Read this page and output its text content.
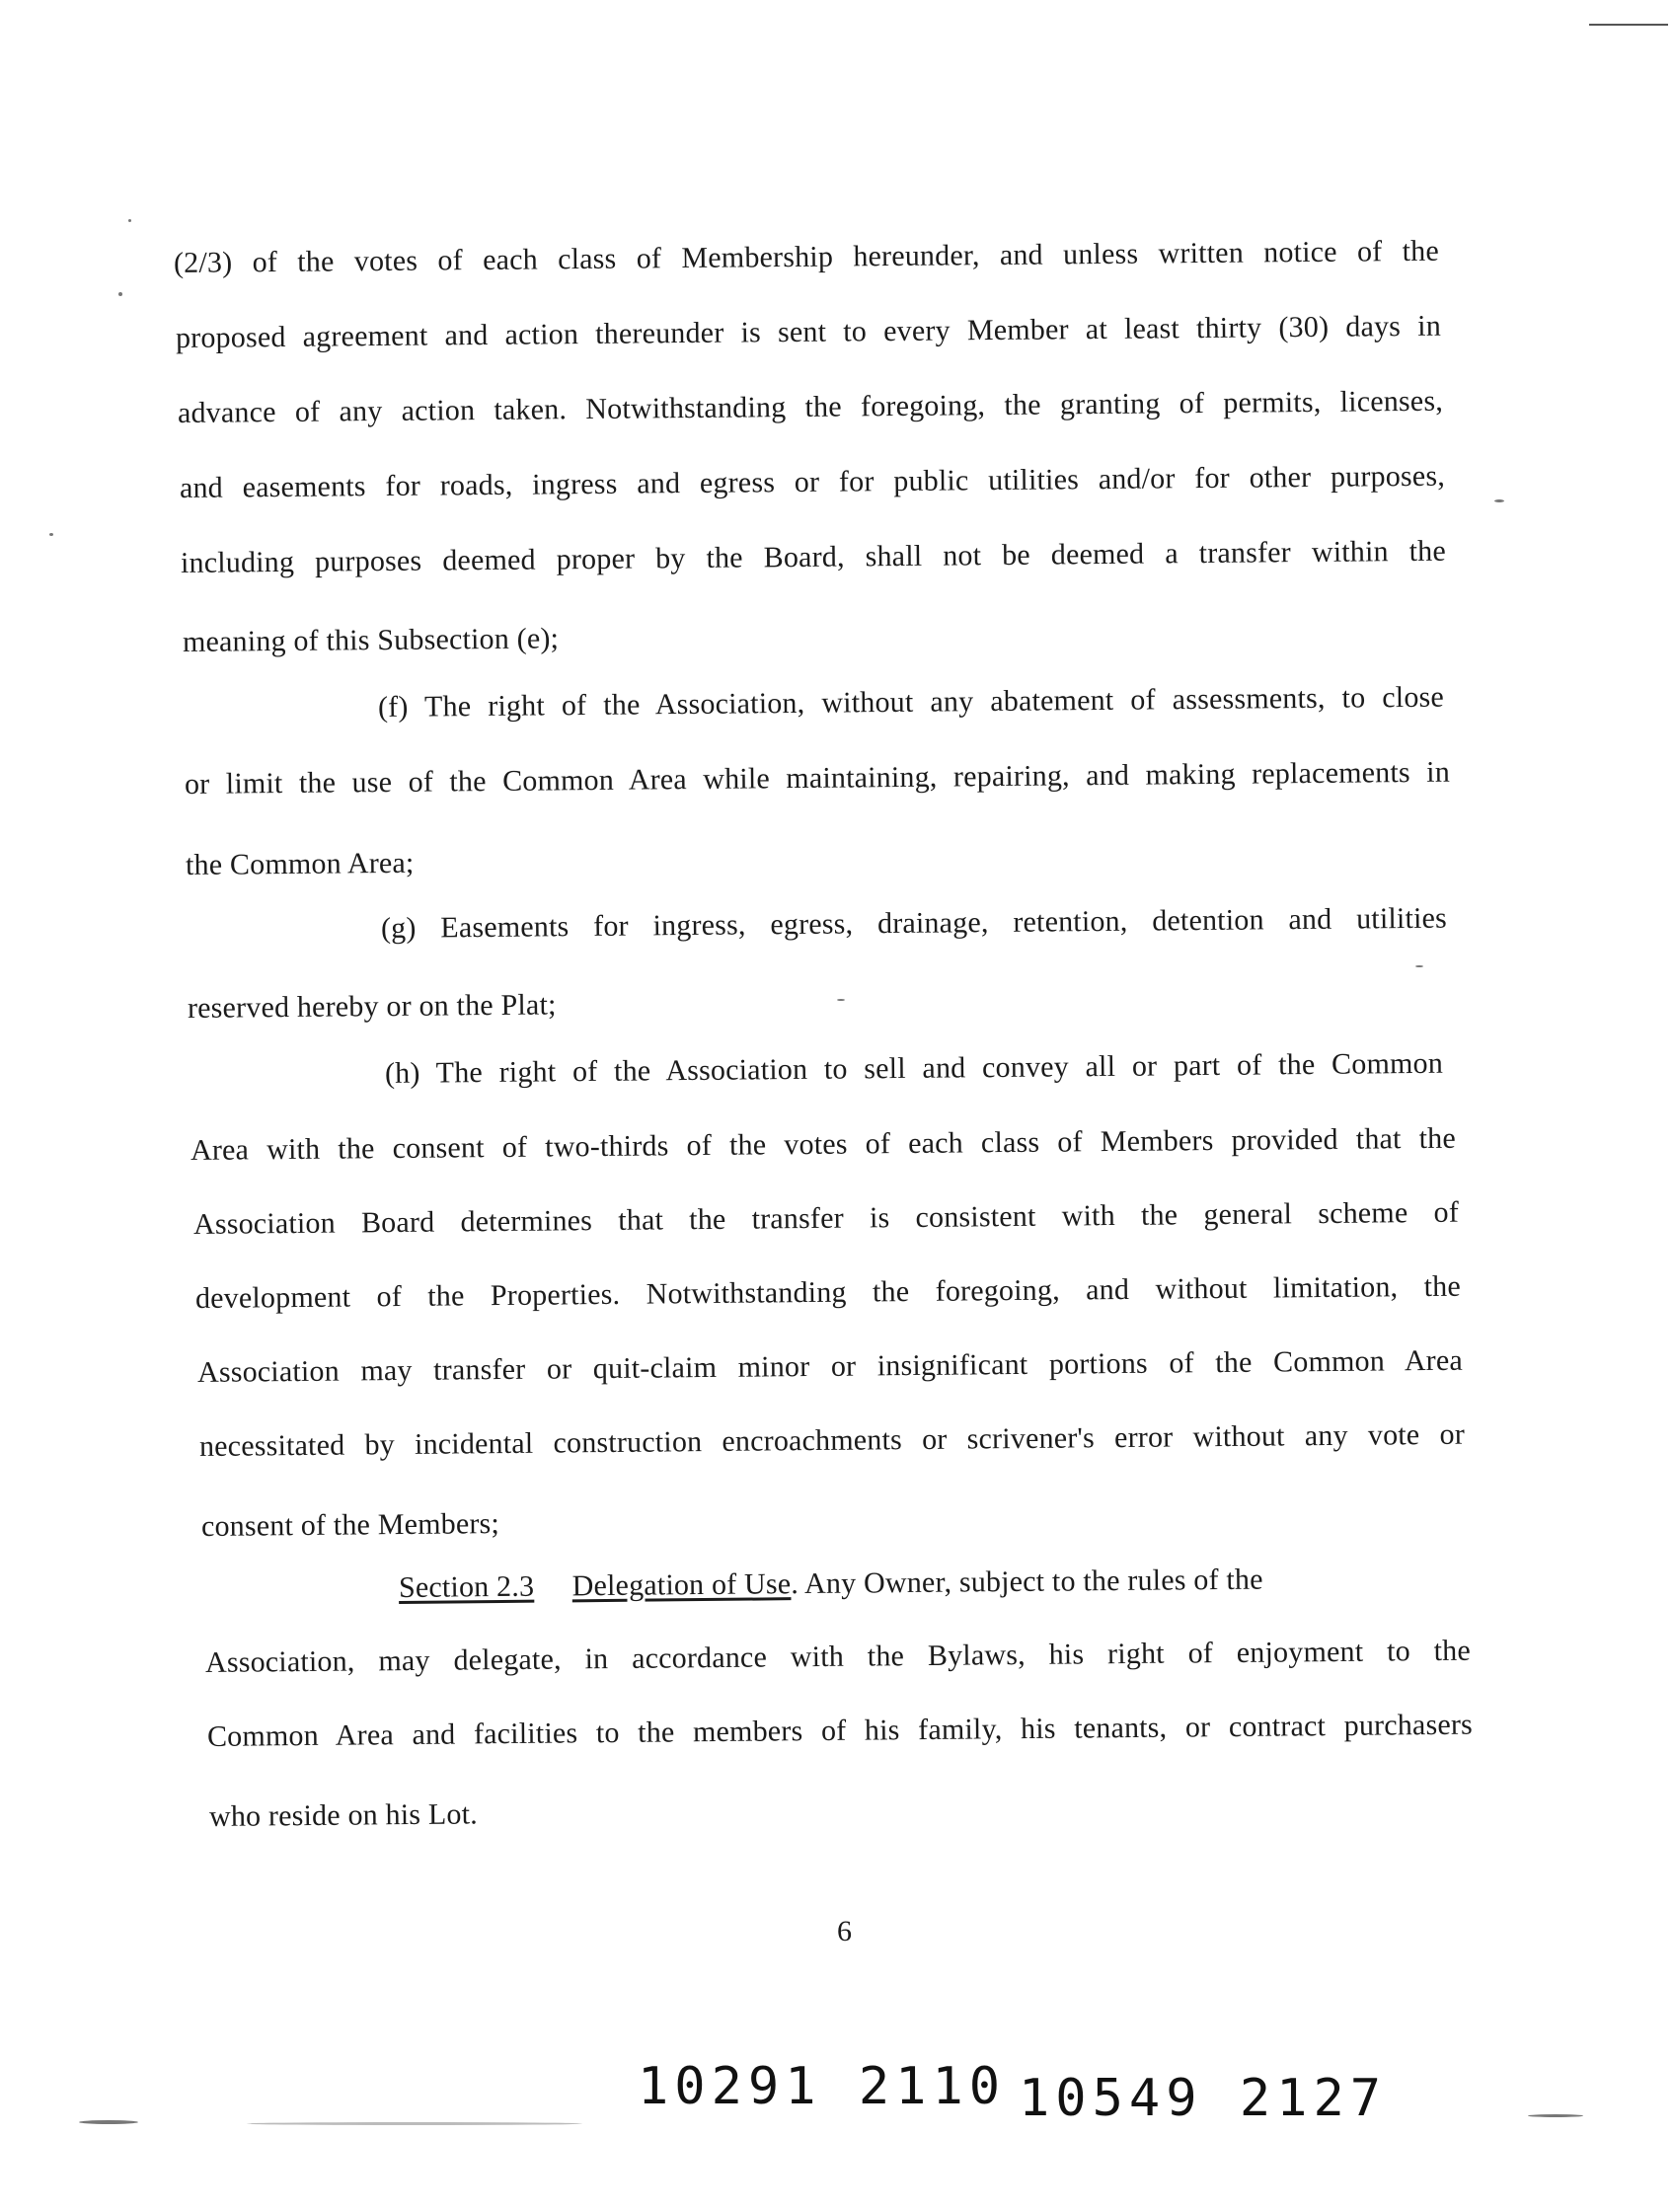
(2/3) of the votes of each class of Membership hereunder, and unless written notice of the
proposed agreement and action thereunder is sent to every Member at least thirty (30) days in
advance of any action taken. Notwithstanding the foregoing, the granting of permits, licenses,
and easements for roads, ingress and egress or for public utilities and/or for other purposes,
including purposes deemed proper by the Board, shall not be deemed a transfer within the
meaning of this Subsection (e);
(f) The right of the Association, without any abatement of assessments, to close
or limit the use of the Common Area while maintaining, repairing, and making replacements in
the Common Area;
(g) Easements for ingress, egress, drainage, retention, detention and utilities
reserved hereby or on the Plat;
(h) The right of the Association to sell and convey all or part of the Common
Area with the consent of two-thirds of the votes of each class of Members provided that the
Association Board determines that the transfer is consistent with the general scheme of
development of the Properties. Notwithstanding the foregoing, and without limitation, the
Association may transfer or quit-claim minor or insignificant portions of the Common Area
necessitated by incidental construction encroachments or scrivener's error without any vote or
consent of the Members;
Section 2.3 Delegation of Use. Any Owner, subject to the rules of the
Association, may delegate, in accordance with the Bylaws, his right of enjoyment to the
Common Area and facilities to the members of his family, his tenants, or contract purchasers
who reside on his Lot.
6
10291 2110 10549 2127
